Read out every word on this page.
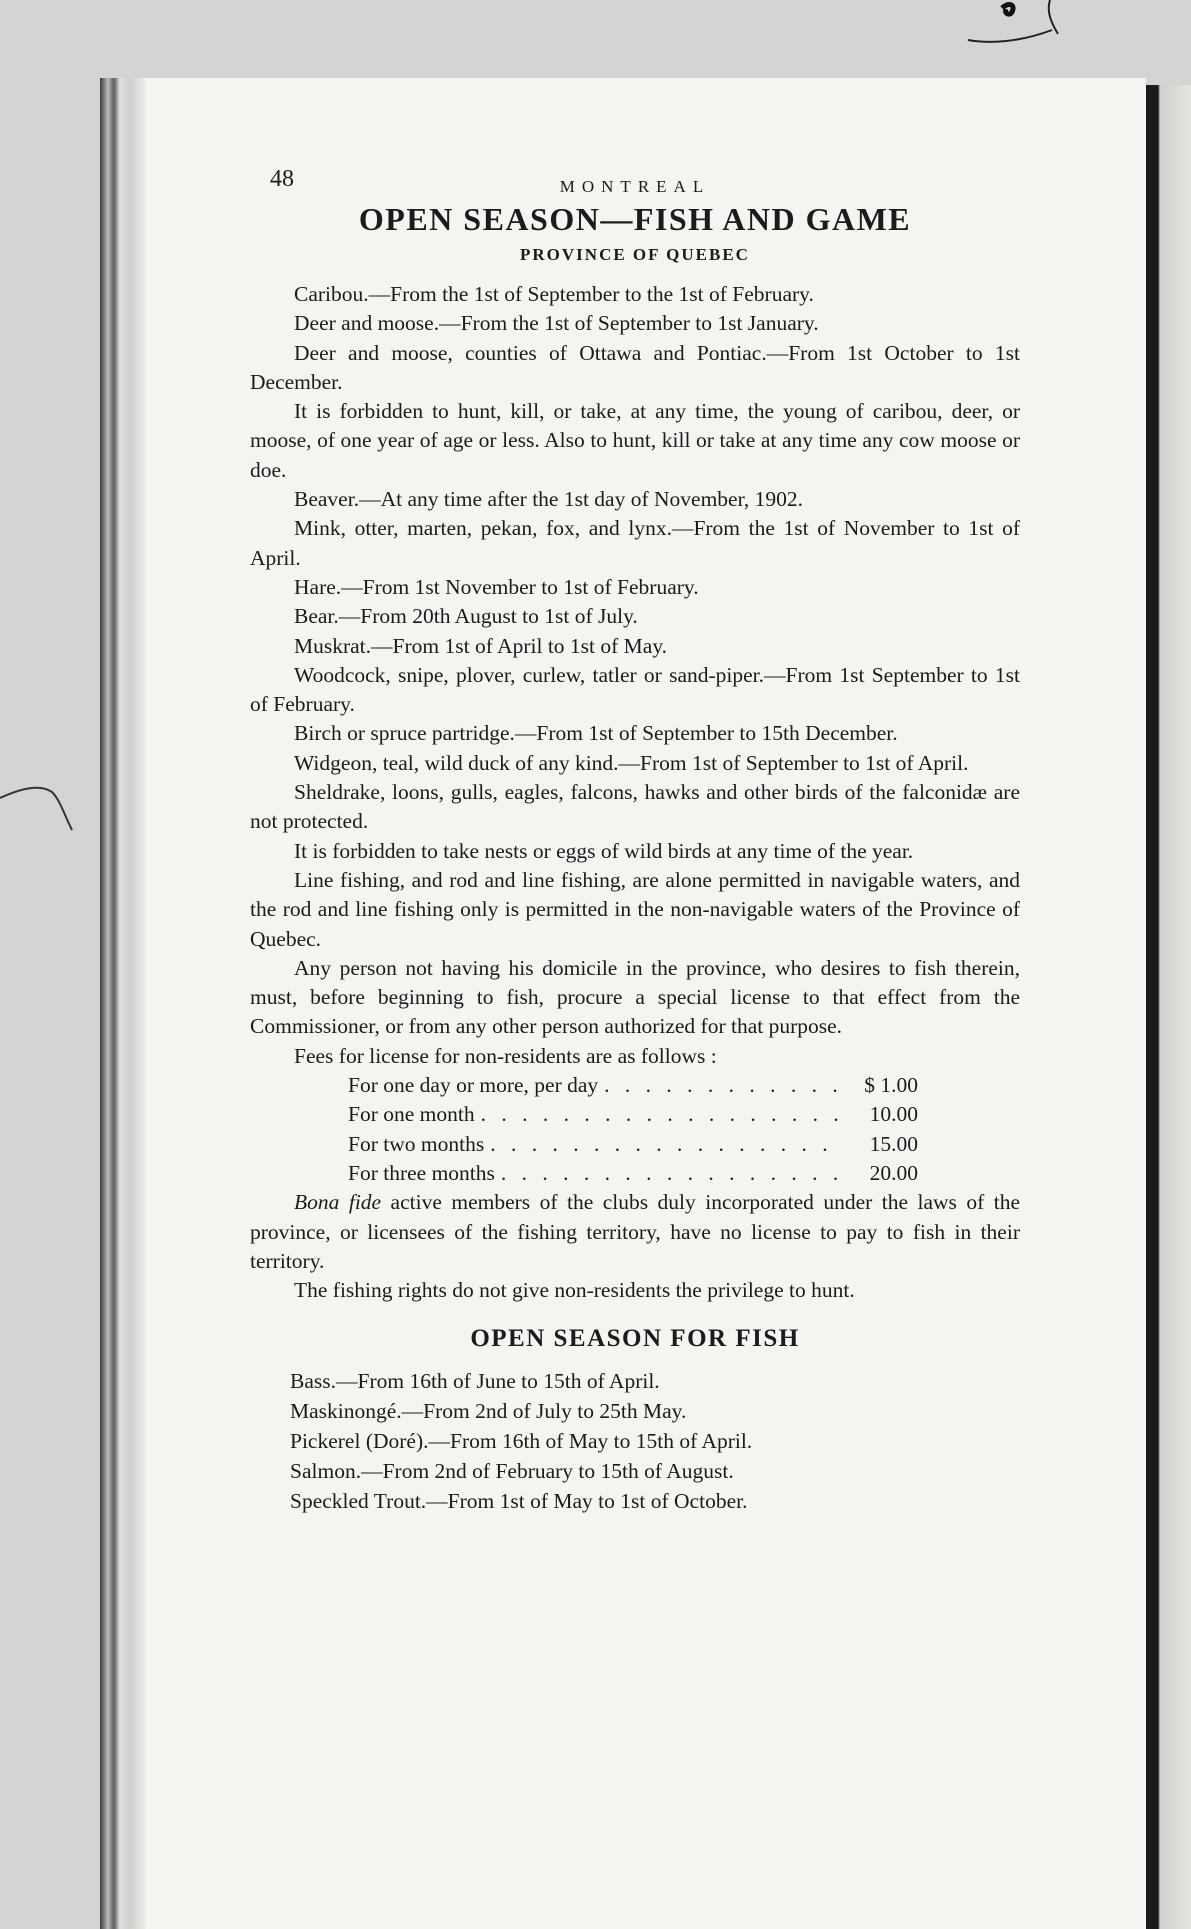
48	MONTREAL
OPEN SEASON—FISH AND GAME
PROVINCE OF QUEBEC

Caribou.—From the 1st of September to the 1st of February.

Deer and moose.—From the 1st of September to 1st January.

Deer and moose, counties of Ottawa and Pontiac.—From 1st October to 1st December.

It is forbidden to hunt, kill, or take, at any time, the young of caribou, deer, or moose, of one year of age or less. Also to hunt, kill or take at any time any cow moose or doe.

Beaver.—At any time after the 1st day of November, 1902.

Mink, otter, marten, pekan, fox, and lynx.—From the 1st of November to 1st of April.

Hare.—From 1st November to 1st of February.

Bear.—From 20th August to 1st of July.

Muskrat.—From 1st of April to 1st of May.

Woodcock, snipe, plover, curlew, tatler or sand-piper.—From 1st September to 1st of February.

Birch or spruce partridge.—From 1st of September to 15th December.

Widgeon, teal, wild duck of any kind.—From 1st of September to 1st of April.

Sheldrake, loons, gulls, eagles, falcons, hawks and other birds of the falconidæ are not protected.

It is forbidden to take nests or eggs of wild birds at any time of the year.

Line fishing, and rod and line fishing, are alone permitted in navigable waters, and the rod and line fishing only is permitted in the non-navigable waters of the Province of Quebec.

Any person not having his domicile in the province, who desires to fish therein, must, before beginning to fish, procure a special license to that effect from the Commissioner, or from any other person authorized for that purpose.

Fees for license for non-residents are as follows :

For one day or more, per day . . .	$ 1.00
For one month . . .	10.00
For two months . . .	15.00
For three months . . .	20.00

Bona fide active members of the clubs duly incorporated under the laws of the province, or licensees of the fishing territory, have no license to pay to fish in their territory.

The fishing rights do not give non-residents the privilege to hunt.

OPEN SEASON FOR FISH
Bass.—From 16th of June to 15th of April.
Maskinongé.—From 2nd of July to 25th May.
Pickerel (Doré).—From 16th of May to 15th of April.
Salmon.—From 2nd of February to 15th of August.
Speckled Trout.—From 1st of May to 1st of October.
